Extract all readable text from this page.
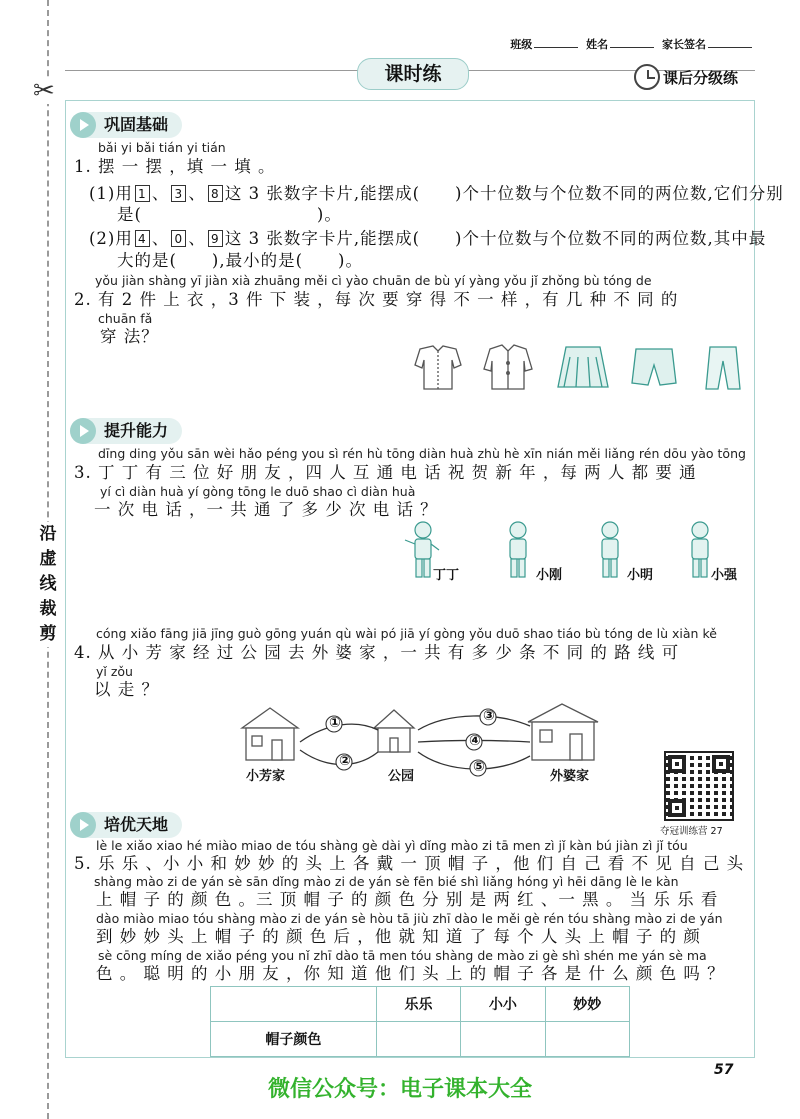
✂
沿
虚
线
裁
剪
班级	姓名	家长签名
课时练	课后分级练
巩固基础
bǎi yi bǎi tián yi tián
1. 摆 一 摆 ，填 一 填 。
(1)用 1 、 3 、 8 这 3 张数字卡片,能摆成(　　)个十位数与个位数不同的两位数,它们分别
是(　　　　　　　　　　)。
(2)用 4 、 0 、 9 这 3 张数字卡片,能摆成(　　)个十位数与个位数不同的两位数,其中最
大的是(　　),最小的是(　　)。
yǒu jiàn shàng yī jiàn xià zhuāng měi cì yào chuān de bù yí yàng yǒu jǐ zhǒng bù tóng de
2. 有 2 件 上 衣 ，3 件 下 装 ，每 次 要 穿 得 不 一 样 ，有 几 种 不 同 的
chuān fǎ
穿 法？
提升能力
dīng ding yǒu sān wèi hǎo péng you sì rén hù tōng diàn huà zhù hè xīn nián měi liǎng rén dōu yào tōng
3. 丁 丁 有 三 位 好 朋 友 ，四 人 互 通 电 话 祝 贺 新 年 ，每 两 人 都 要 通
yí cì diàn huà yí gòng tōng le duō shao cì diàn huà
一 次 电 话 ，一 共 通 了 多 少 次 电 话 ？
丁丁	小刚	小明	小强
cóng xiǎo fāng jiā jīng guò gōng yuán qù wài pó jiā yí gòng yǒu duō shao tiáo bù tóng de lù xiàn kě
4. 从 小 芳 家 经 过 公 园 去 外 婆 家 ，一 共 有 多 少 条 不 同 的 路 线 可
yǐ zǒu
以 走 ？
①
②
③
④
⑤
小芳家	公园	外婆家
夺冠训练营 27
培优天地
lè le xiǎo xiao hé miào miao de tóu shàng gè dài yì dǐng mào zi tā men zì jǐ kàn bú jiàn zì jǐ tóu
5. 乐 乐 、小 小 和 妙 妙 的 头 上 各 戴 一 顶 帽 子 ，他 们 自 己 看 不 见 自 己 头
shàng mào zi de yán sè sān dǐng mào zi de yán sè fēn bié shì liǎng hóng yì hēi dāng lè le kàn
上 帽 子 的 颜 色 。三 顶 帽 子 的 颜 色 分 别 是 两 红 、一 黑 。 当 乐 乐 看
dào miào miao tóu shàng mào zi de yán sè hòu tā jiù zhī dào le měi gè rén tóu shàng mào zi de yán
到 妙 妙 头 上 帽 子 的 颜 色 后 ，他 就 知 道 了 每 个 人 头 上 帽 子 的 颜
sè cōng míng de xiǎo péng you nǐ zhī dào tā men tóu shàng de mào zi gè shì shén me yán sè ma
色 。 聪 明 的 小 朋 友 ，你 知 道 他 们 头 上 的 帽 子 各 是 什 么 颜 色 吗 ？
	乐乐	小小	妙妙
帽子颜色			
57
微信公众号：电子课本大全
